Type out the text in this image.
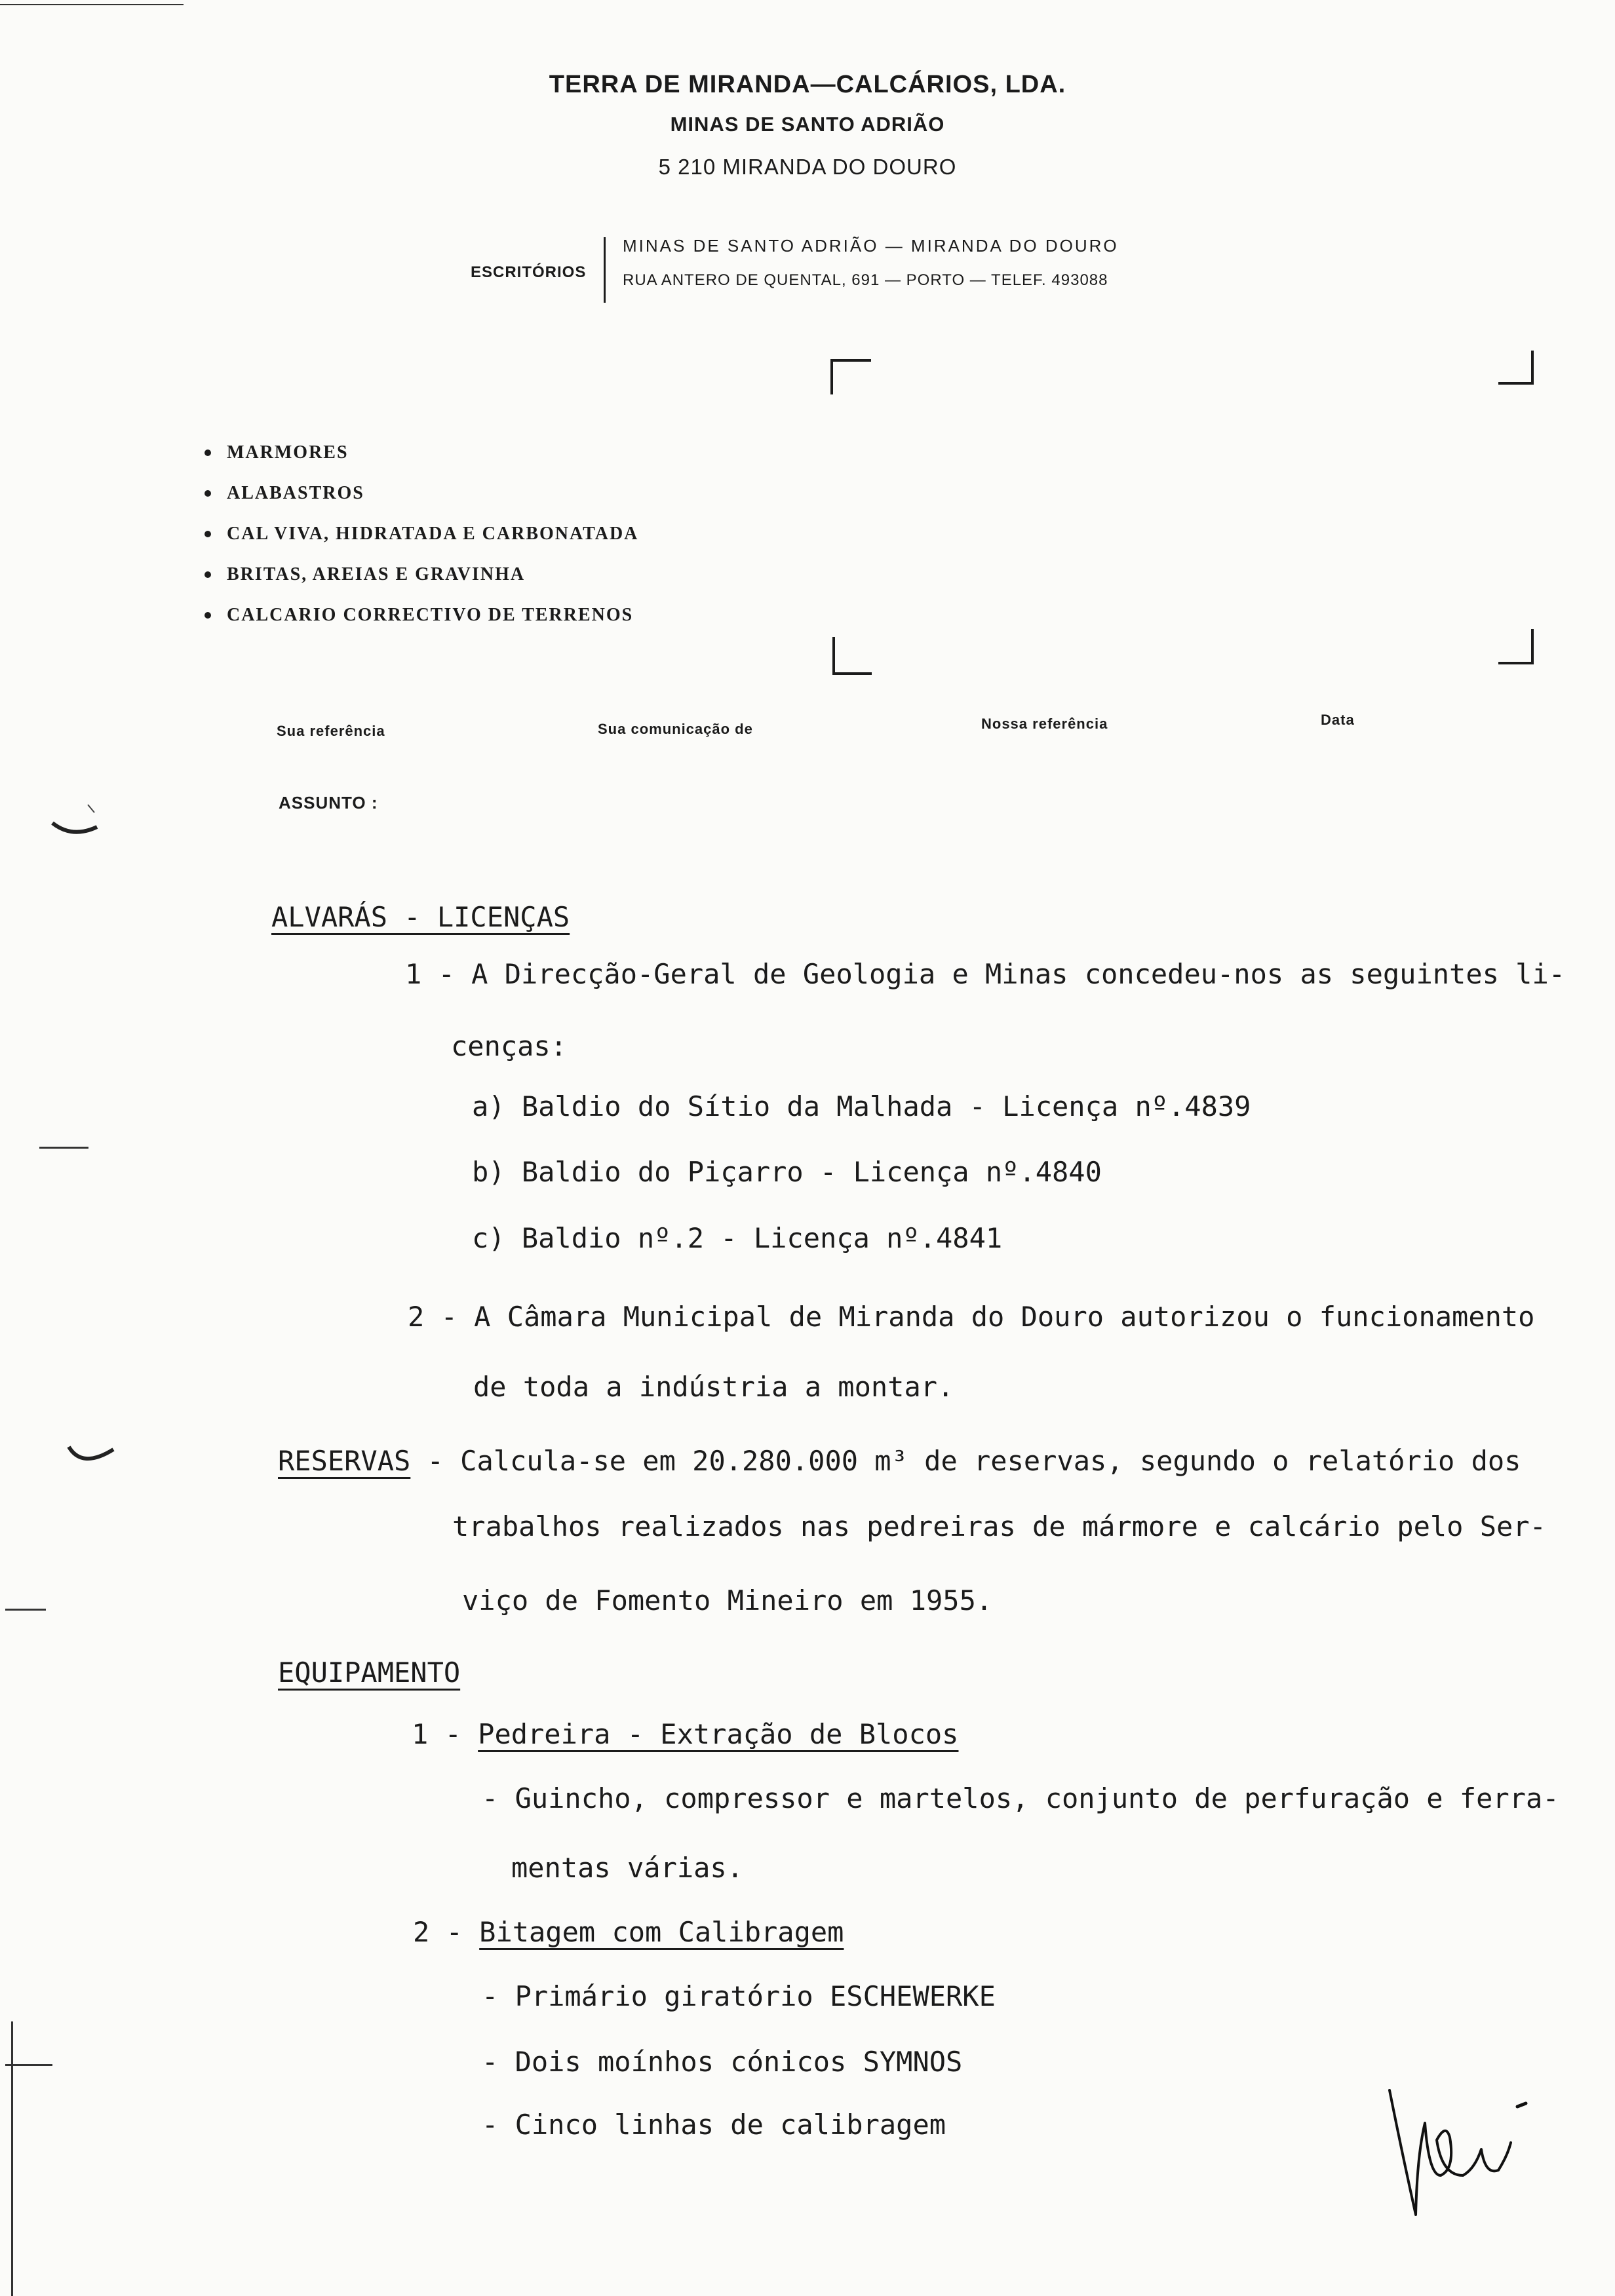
TERRA DE MIRANDA—CALCÁRIOS, LDA.
MINAS DE SANTO ADRIÃO
5 210 MIRANDA DO DOURO
ESCRITÓRIOS
MINAS DE SANTO ADRIÃO — MIRANDA DO DOURO
RUA ANTERO DE QUENTAL, 691 — PORTO — TELEF. 493088
MARMORES
ALABASTROS
CAL VIVA, HIDRATADA E CARBONATADA
BRITAS, AREIAS E GRAVINHA
CALCARIO CORRECTIVO DE TERRENOS
Sua referência	Sua comunicação de	Nossa referência	Data
ASSUNTO :
ALVARÁS - LICENÇAS
1 - A Direcção-Geral de Geologia e Minas concedeu-nos as seguintes li-
cenças:
a) Baldio do Sítio da Malhada - Licença nº.4839
b) Baldio do Piçarro - Licença nº.4840
c) Baldio nº.2 - Licença nº.4841
2 - A Câmara Municipal de Miranda do Douro autorizou o funcionamento
de toda a indústria a montar.
RESERVAS - Calcula-se em 20.280.000 m³ de reservas, segundo o relatório dos
trabalhos realizados nas pedreiras de mármore e calcário pelo Ser-
viço de Fomento Mineiro em 1955.
EQUIPAMENTO
1 - Pedreira - Extração de Blocos
- Guincho, compressor e martelos, conjunto de perfuração e ferra-
mentas várias.
2 - Bitagem com Calibragem
- Primário giratório ESCHEWERKE
- Dois moínhos cónicos SYMNOS
- Cinco linhas de calibragem
